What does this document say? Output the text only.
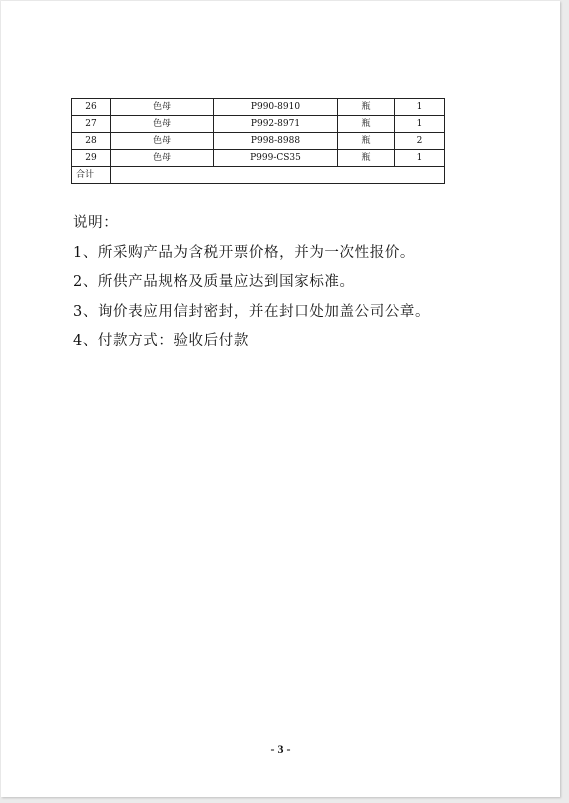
26	色母	P990-8910	瓶	1
27	色母	P992-8971	瓶	1
28	色母	P998-8988	瓶	2
29	色母	P999-CS35	瓶	1
合计				
说明：
1、所采购产品为含税开票价格，并为一次性报价。
2、所供产品规格及质量应达到国家标准。
3、询价表应用信封密封，并在封口处加盖公司公章。
4、付款方式：验收后付款
- 3 -
